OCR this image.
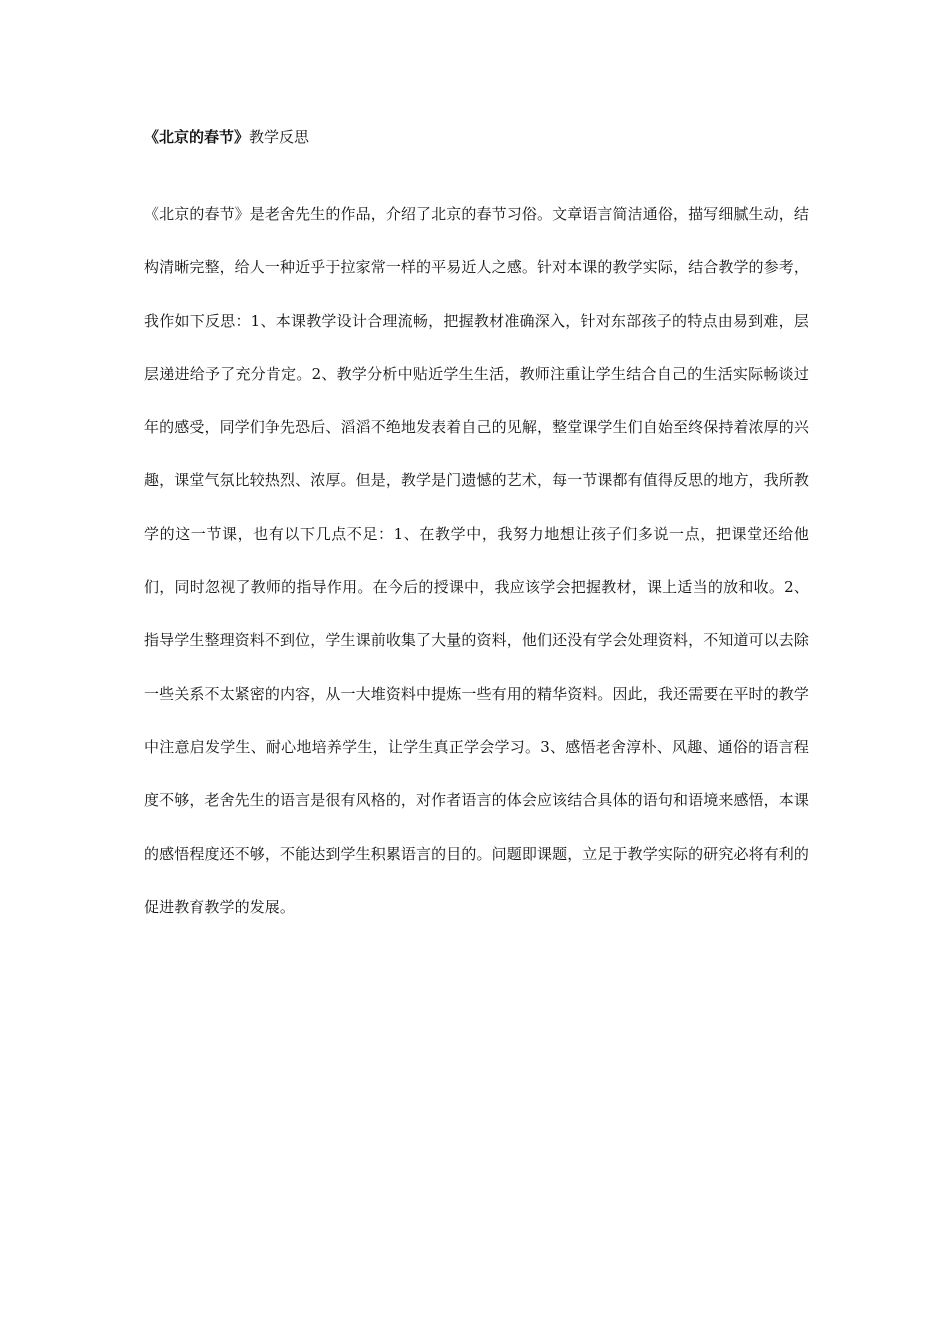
《北京的春节》教学反思
《北京的春节》是老舍先生的作品，介绍了北京的春节习俗。文章语言简洁通俗，描写细腻生动，结构清晰完整，给人一种近乎于拉家常一样的平易近人之感。针对本课的教学实际，结合教学的参考，我作如下反思：1、本课教学设计合理流畅，把握教材准确深入，针对东部孩子的特点由易到难，层层递进给予了充分肯定。2、教学分析中贴近学生生活，教师注重让学生结合自己的生活实际畅谈过年的感受，同学们争先恐后、滔滔不绝地发表着自己的见解，整堂课学生们自始至终保持着浓厚的兴趣，课堂气氛比较热烈、浓厚。但是，教学是门遗憾的艺术，每一节课都有值得反思的地方，我所教学的这一节课，也有以下几点不足：1、在教学中，我努力地想让孩子们多说一点，把课堂还给他们，同时忽视了教师的指导作用。在今后的授课中，我应该学会把握教材，课上适当的放和收。2、指导学生整理资料不到位，学生课前收集了大量的资料，他们还没有学会处理资料，不知道可以去除一些关系不太紧密的内容，从一大堆资料中提炼一些有用的精华资料。因此，我还需要在平时的教学中注意启发学生、耐心地培养学生，让学生真正学会学习。3、感悟老舍淳朴、风趣、通俗的语言程度不够，老舍先生的语言是很有风格的，对作者语言的体会应该结合具体的语句和语境来感悟，本课的感悟程度还不够，不能达到学生积累语言的目的。问题即课题，立足于教学实际的研究必将有利的促进教育教学的发展。
